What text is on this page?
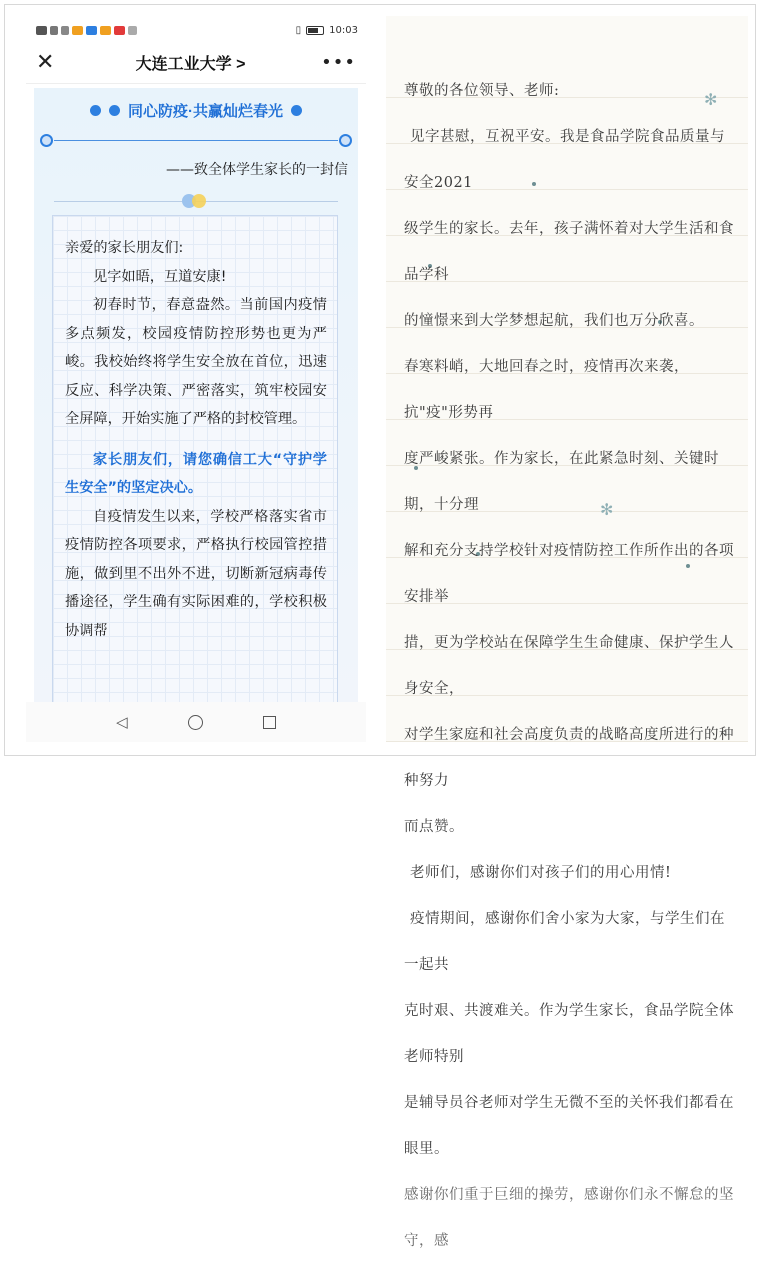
▯	10:03
✕	大连工业大学 >	•••
同心防疫·共赢灿烂春光
——致全体学生家长的一封信

亲爱的家长朋友们:

见字如晤，互道安康!

初春时节，春意盎然。当前国内疫情多点频发，校园疫情防控形势也更为严峻。我校始终将学生安全放在首位，迅速反应、科学决策、严密落实，筑牢校园安全屏障，开始实施了严格的封校管理。

家长朋友们，请您确信工大“守护学生安全”的坚定决心。

自疫情发生以来，学校严格落实省市疫情防控各项要求，严格执行校园管控措施，做到里不出外不进，切断新冠病毒传播途径，学生确有实际困难的，学校积极协调帮

◁
✻
✻

尊敬的各位领导、老师:

见字甚慰，互祝平安。我是食品学院食品质量与安全2021

级学生的家长。去年，孩子满怀着对大学生活和食品学科

的憧憬来到大学梦想起航，我们也万分欣喜。

春寒料峭，大地回春之时，疫情再次来袭，抗"疫"形势再

度严峻紧张。作为家长，在此紧急时刻、关键时期，十分理

解和充分支持学校针对疫情防控工作所作出的各项安排举

措，更为学校站在保障学生生命健康、保护学生人身安全，

对学生家庭和社会高度负责的战略高度所进行的种种努力

而点赞。

老师们，感谢你们对孩子们的用心用情!

疫情期间，感谢你们舍小家为大家，与学生们在一起共

克时艰、共渡难关。作为学生家长，食品学院全体老师特别

是辅导员谷老师对学生无微不至的关怀我们都看在眼里。

感谢你们重于巨细的操劳，感谢你们永不懈怠的坚守，感
